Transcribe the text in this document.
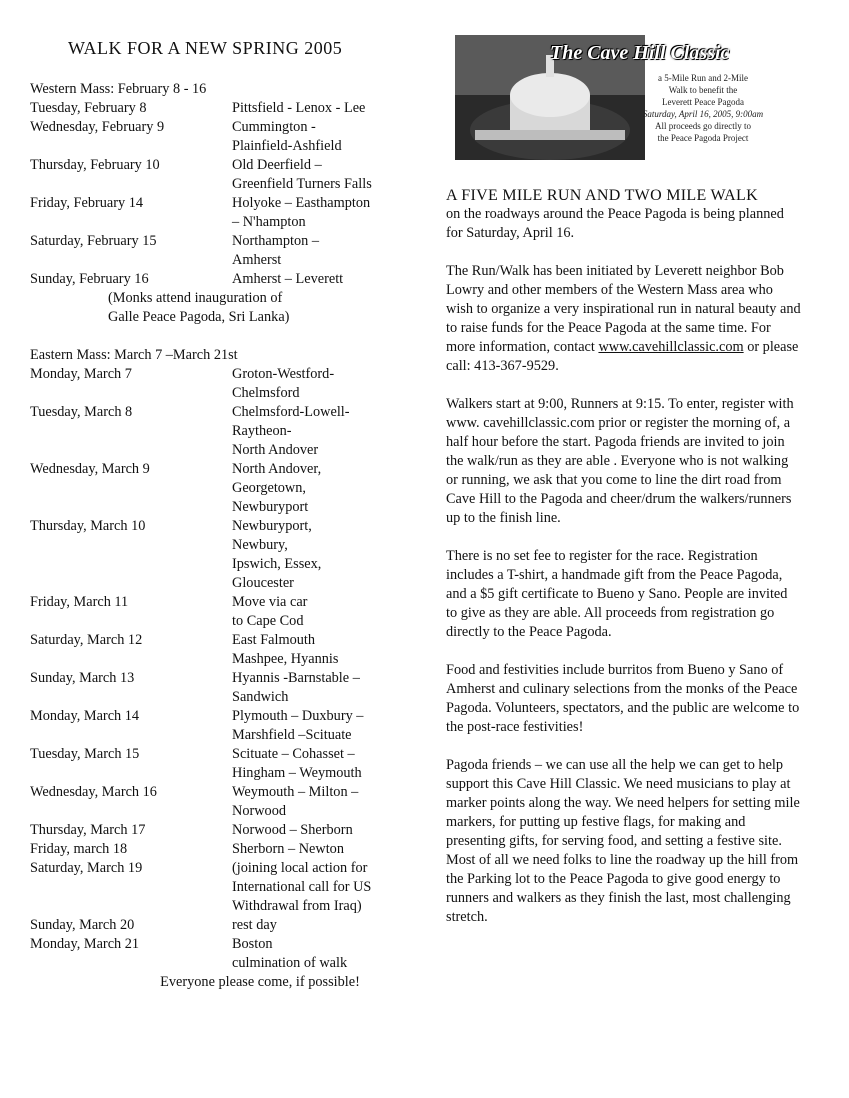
WALK FOR A NEW SPRING 2005
Western Mass: February 8 - 16
Tuesday, February 8	Pittsfield - Lenox - Lee
Wednesday, February 9	Cummington -
Plainfield-Ashfield
Thursday, February 10	Old Deerfield –
Greenfield Turners Falls
Friday, February 14	Holyoke – Easthampton
– N'hampton
Saturday, February 15	Northampton –
Amherst
Sunday, February 16	Amherst – Leverett
(Monks attend inauguration of
Galle Peace Pagoda, Sri Lanka)
Eastern Mass: March 7 –March 21st
Monday, March 7	Groton-Westford-
Chelmsford
Tuesday, March 8	Chelmsford-Lowell-
Raytheon-
North Andover
Wednesday, March 9	North Andover,
Georgetown,
Newburyport
Thursday, March 10	Newburyport,
Newbury,
Ipswich, Essex,
Gloucester
Friday, March 11	Move via car
to Cape Cod
Saturday, March 12	East Falmouth
Mashpee, Hyannis
Sunday, March 13	Hyannis -Barnstable –
Sandwich
Monday, March 14	Plymouth – Duxbury –
Marshfield –Scituate
Tuesday, March 15	Scituate – Cohasset –
Hingham – Weymouth
Wednesday, March 16	Weymouth – Milton –
Norwood
Thursday, March 17	Norwood – Sherborn
Friday, march 18	Sherborn – Newton
Saturday, March 19	(joining local action for
International call for US
Withdrawal from Iraq)
Sunday, March 20	rest day
Monday, March 21	Boston
culmination of walk
Everyone please come, if possible!
The Cave Hill Classic
a 5-Mile Run and 2-Mile
Walk to benefit the
Leverett Peace Pagoda
Saturday, April 16, 2005, 9:00am
All proceeds go directly to
the Peace Pagoda Project
A FIVE MILE RUN AND TWO MILE WALK

on the roadways around the Peace Pagoda is being planned for Saturday, April 16.

The Run/Walk has been initiated by Leverett neighbor Bob Lowry and other members of the Western Mass area who wish to organize a very inspirational run in natural beauty and to raise funds for the Peace Pagoda at the same time. For more information, contact www.cavehillclassic.com or please call: 413-367-9529.

Walkers start at 9:00, Runners at 9:15. To enter, register with www. cavehillclassic.com prior or register the morning of, a half hour before the start. Pagoda friends are invited to join the walk/run as they are able . Everyone who is not walking or running, we ask that you come to line the dirt road from Cave Hill to the Pagoda and cheer/drum the walkers/runners up to the finish line.

There is no set fee to register for the race. Registration includes a T-shirt, a handmade gift from the Peace Pagoda, and a $5 gift certificate to Bueno y Sano. People are invited to give as they are able. All proceeds from registration go directly to the Peace Pagoda.

Food and festivities include burritos from Bueno y Sano of Amherst and culinary selections from the monks of the Peace Pagoda. Volunteers, spectators, and the public are welcome to the post-race festivities!

Pagoda friends – we can use all the help we can get to help support this Cave Hill Classic. We need musicians to play at marker points along the way. We need helpers for setting mile markers, for putting up festive flags, for making and presenting gifts, for serving food, and setting a festive site. Most of all we need folks to line the roadway up the hill from the Parking lot to the Peace Pagoda to give good energy to runners and walkers as they finish the last, most challenging stretch.
